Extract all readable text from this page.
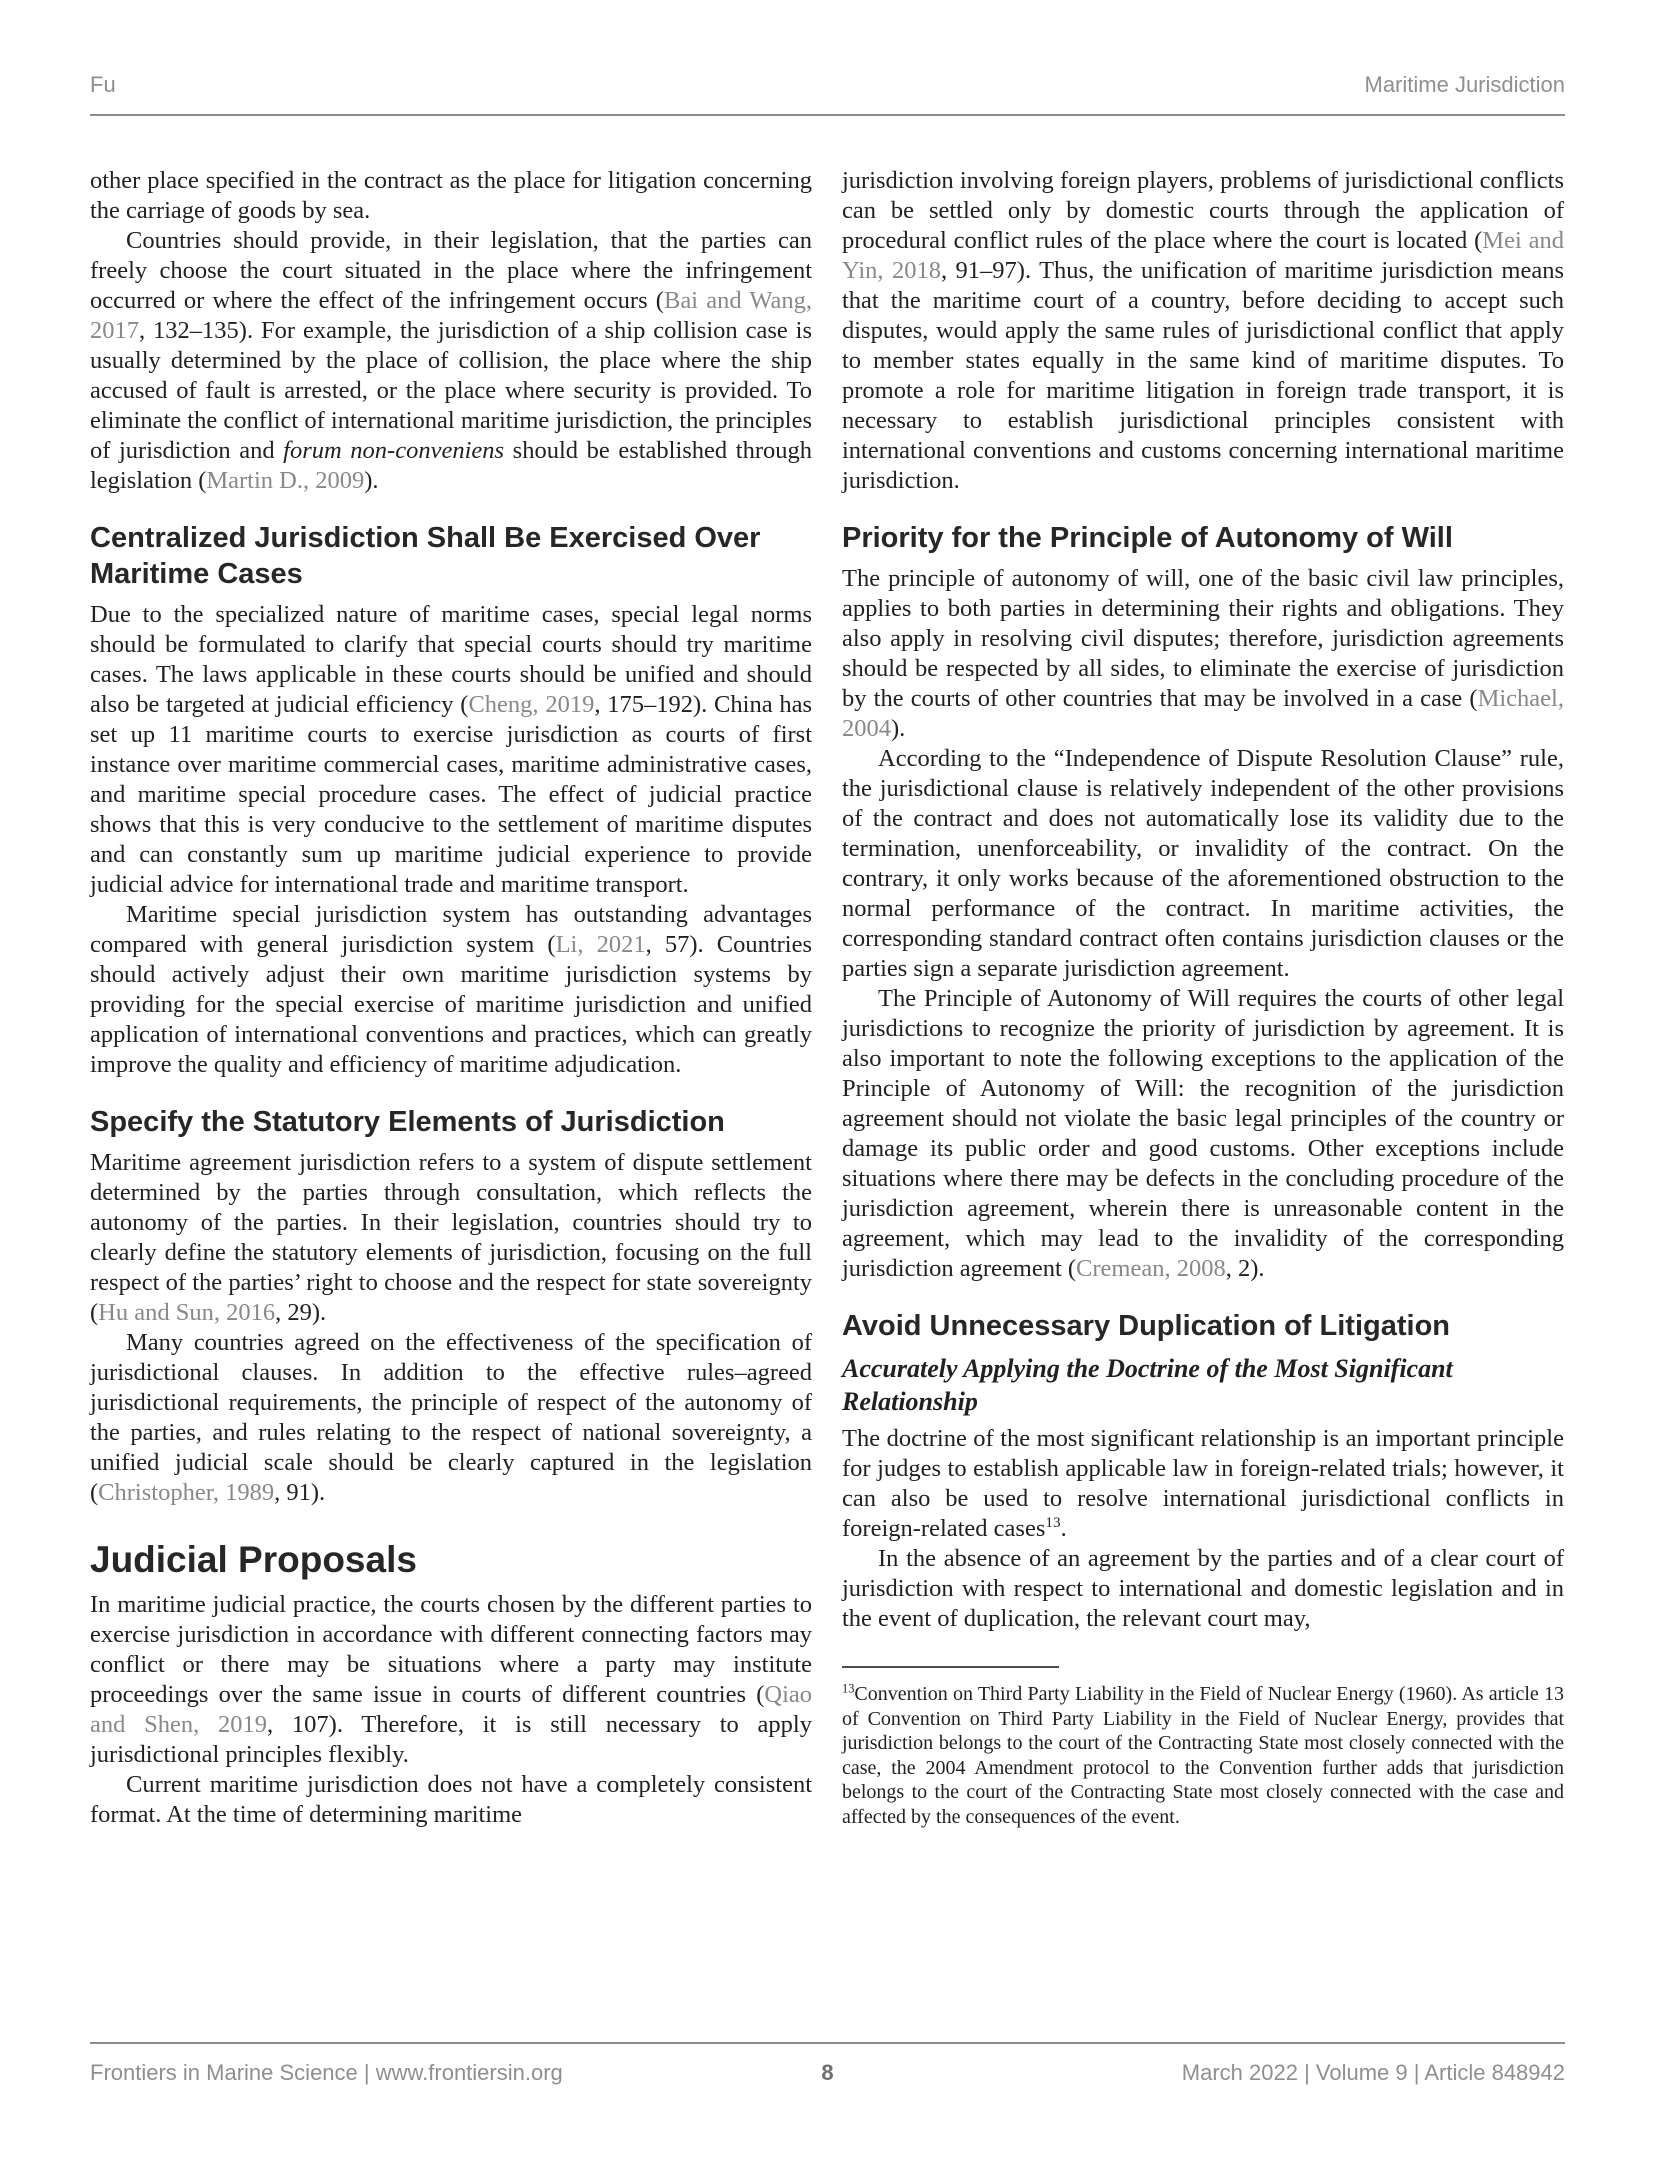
Fu	Maritime Jurisdiction

other place specified in the contract as the place for litigation concerning the carriage of goods by sea.

Countries should provide, in their legislation, that the parties can freely choose the court situated in the place where the infringement occurred or where the effect of the infringement occurs (Bai and Wang, 2017, 132–135). For example, the jurisdiction of a ship collision case is usually determined by the place of collision, the place where the ship accused of fault is arrested, or the place where security is provided. To eliminate the conflict of international maritime jurisdiction, the principles of jurisdiction and forum non-conveniens should be established through legislation (Martin D., 2009).

Centralized Jurisdiction Shall Be Exercised Over Maritime Cases

Due to the specialized nature of maritime cases, special legal norms should be formulated to clarify that special courts should try maritime cases. The laws applicable in these courts should be unified and should also be targeted at judicial efficiency (Cheng, 2019, 175–192). China has set up 11 maritime courts to exercise jurisdiction as courts of first instance over maritime commercial cases, maritime administrative cases, and maritime special procedure cases. The effect of judicial practice shows that this is very conducive to the settlement of maritime disputes and can constantly sum up maritime judicial experience to provide judicial advice for international trade and maritime transport.

Maritime special jurisdiction system has outstanding advantages compared with general jurisdiction system (Li, 2021, 57). Countries should actively adjust their own maritime jurisdiction systems by providing for the special exercise of maritime jurisdiction and unified application of international conventions and practices, which can greatly improve the quality and efficiency of maritime adjudication.

Specify the Statutory Elements of Jurisdiction

Maritime agreement jurisdiction refers to a system of dispute settlement determined by the parties through consultation, which reflects the autonomy of the parties. In their legislation, countries should try to clearly define the statutory elements of jurisdiction, focusing on the full respect of the parties’ right to choose and the respect for state sovereignty (Hu and Sun, 2016, 29).

Many countries agreed on the effectiveness of the specification of jurisdictional clauses. In addition to the effective rules–agreed jurisdictional requirements, the principle of respect of the autonomy of the parties, and rules relating to the respect of national sovereignty, a unified judicial scale should be clearly captured in the legislation (Christopher, 1989, 91).

Judicial Proposals

In maritime judicial practice, the courts chosen by the different parties to exercise jurisdiction in accordance with different connecting factors may conflict or there may be situations where a party may institute proceedings over the same issue in courts of different countries (Qiao and Shen, 2019, 107). Therefore, it is still necessary to apply jurisdictional principles flexibly.

Current maritime jurisdiction does not have a completely consistent format. At the time of determining maritime

jurisdiction involving foreign players, problems of jurisdictional conflicts can be settled only by domestic courts through the application of procedural conflict rules of the place where the court is located (Mei and Yin, 2018, 91–97). Thus, the unification of maritime jurisdiction means that the maritime court of a country, before deciding to accept such disputes, would apply the same rules of jurisdictional conflict that apply to member states equally in the same kind of maritime disputes. To promote a role for maritime litigation in foreign trade transport, it is necessary to establish jurisdictional principles consistent with international conventions and customs concerning international maritime jurisdiction.

Priority for the Principle of Autonomy of Will

The principle of autonomy of will, one of the basic civil law principles, applies to both parties in determining their rights and obligations. They also apply in resolving civil disputes; therefore, jurisdiction agreements should be respected by all sides, to eliminate the exercise of jurisdiction by the courts of other countries that may be involved in a case (Michael, 2004).

According to the “Independence of Dispute Resolution Clause” rule, the jurisdictional clause is relatively independent of the other provisions of the contract and does not automatically lose its validity due to the termination, unenforceability, or invalidity of the contract. On the contrary, it only works because of the aforementioned obstruction to the normal performance of the contract. In maritime activities, the corresponding standard contract often contains jurisdiction clauses or the parties sign a separate jurisdiction agreement.

The Principle of Autonomy of Will requires the courts of other legal jurisdictions to recognize the priority of jurisdiction by agreement. It is also important to note the following exceptions to the application of the Principle of Autonomy of Will: the recognition of the jurisdiction agreement should not violate the basic legal principles of the country or damage its public order and good customs. Other exceptions include situations where there may be defects in the concluding procedure of the jurisdiction agreement, wherein there is unreasonable content in the agreement, which may lead to the invalidity of the corresponding jurisdiction agreement (Cremean, 2008, 2).

Avoid Unnecessary Duplication of Litigation
Accurately Applying the Doctrine of the Most Significant Relationship

The doctrine of the most significant relationship is an important principle for judges to establish applicable law in foreign-related trials; however, it can also be used to resolve international jurisdictional conflicts in foreign-related cases$^{13}$.

In the absence of an agreement by the parties and of a clear court of jurisdiction with respect to international and domestic legislation and in the event of duplication, the relevant court may,

$^{13}$Convention on Third Party Liability in the Field of Nuclear Energy (1960). As article 13 of Convention on Third Party Liability in the Field of Nuclear Energy, provides that jurisdiction belongs to the court of the Contracting State most closely connected with the case, the 2004 Amendment protocol to the Convention further adds that jurisdiction belongs to the court of the Contracting State most closely connected with the case and affected by the consequences of the event.

Frontiers in Marine Science | www.frontiersin.org	8	March 2022 | Volume 9 | Article 848942
